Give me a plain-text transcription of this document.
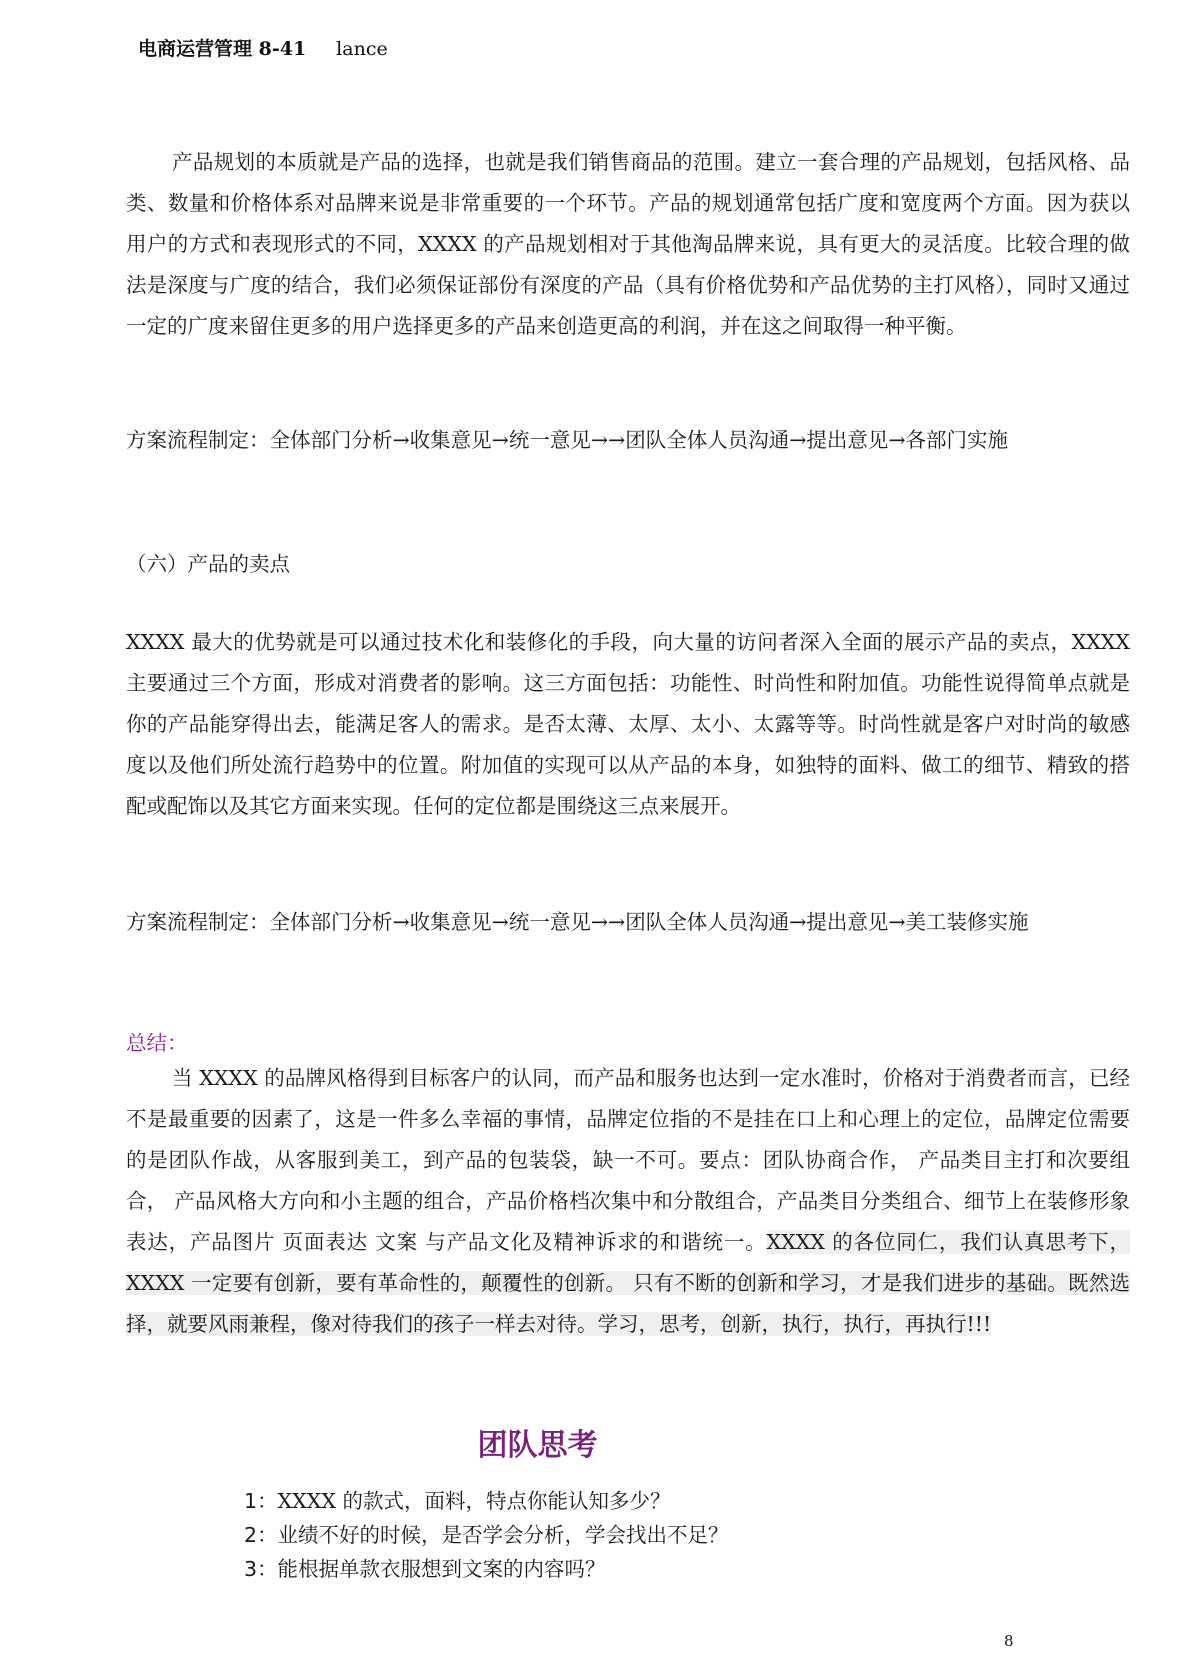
电商运营管理 8-41 lance

产品规划的本质就是产品的选择，也就是我们销售商品的范围。建立一套合理的产品规划，包括风格、品类、数量和价格体系对品牌来说是非常重要的一个环节。产品的规划通常包括广度和宽度两个方面。因为获以用户的方式和表现形式的不同，XXXX 的产品规划相对于其他淘品牌来说，具有更大的灵活度。比较合理的做法是深度与广度的结合，我们必须保证部份有深度的产品（具有价格优势和产品优势的主打风格），同时又通过一定的广度来留住更多的用户选择更多的产品来创造更高的利润，并在这之间取得一种平衡。

方案流程制定：全体部门分析→收集意见→统一意见→→团队全体人员沟通→提出意见→各部门实施

（六）产品的卖点

XXXX 最大的优势就是可以通过技术化和装修化的手段，向大量的访问者深入全面的展示产品的卖点，XXXX 主要通过三个方面，形成对消费者的影响。这三方面包括：功能性、时尚性和附加值。功能性说得简单点就是你的产品能穿得出去，能满足客人的需求。是否太薄、太厚、太小、太露等等。时尚性就是客户对时尚的敏感度以及他们所处流行趋势中的位置。附加值的实现可以从产品的本身，如独特的面料、做工的细节、精致的搭配或配饰以及其它方面来实现。任何的定位都是围绕这三点来展开。

方案流程制定：全体部门分析→收集意见→统一意见→→团队全体人员沟通→提出意见→美工装修实施

总结：

当 XXXX 的品牌风格得到目标客户的认同，而产品和服务也达到一定水准时，价格对于消费者而言，已经不是最重要的因素了，这是一件多么幸福的事情，品牌定位指的不是挂在口上和心理上的定位，品牌定位需要的是团队作战，从客服到美工，到产品的包装袋，缺一不可。要点：团队协商合作， 产品类目主打和次要组合， 产品风格大方向和小主题的组合，产品价格档次集中和分散组合，产品类目分类组合、细节上在装修形象表达，产品图片 页面表达 文案 与产品文化及精神诉求的和谐统一。XXXX 的各位同仁，我们认真思考下，XXXX 一定要有创新，要有革命性的，颠覆性的创新。 只有不断的创新和学习，才是我们进步的基础。既然选择，就要风雨兼程，像对待我们的孩子一样去对待。学习，思考，创新，执行，执行，再执行!!!

团队思考
1：XXXX 的款式，面料，特点你能认知多少？
2：业绩不好的时候，是否学会分析，学会找出不足？
3：能根据单款衣服想到文案的内容吗？
8
